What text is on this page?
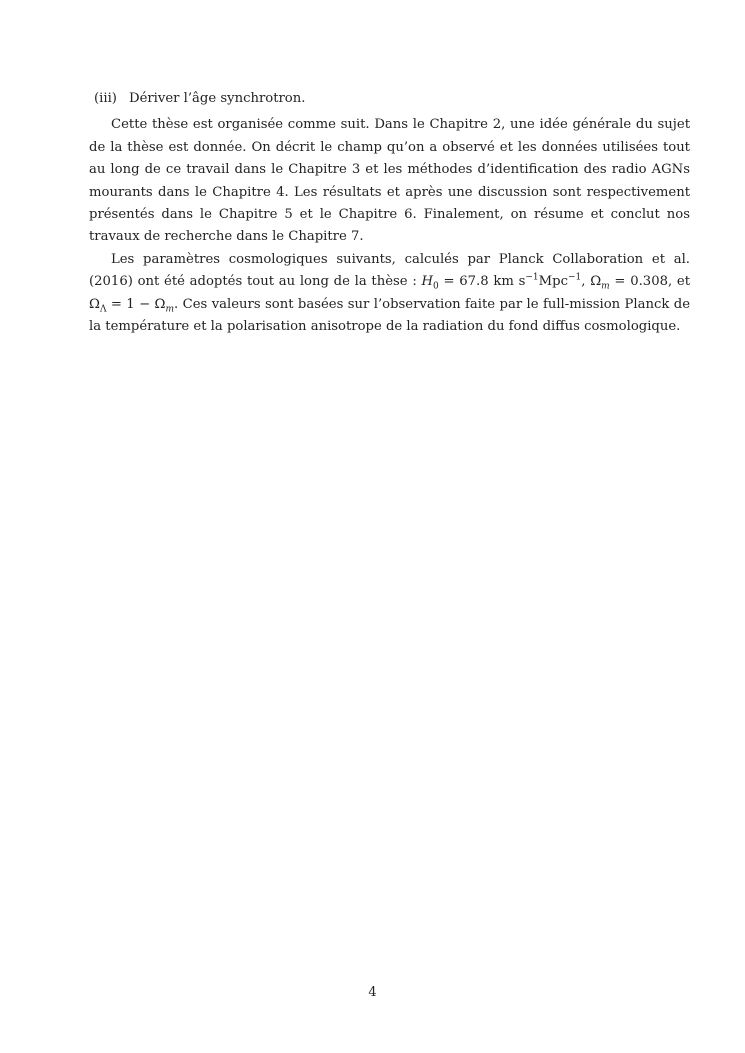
(iii) Dériver l’âge synchrotron.

Cette thèse est organisée comme suit. Dans le Chapitre 2, une idée générale du sujet de la thèse est donnée. On décrit le champ qu’on a observé et les données utilisées tout au long de ce travail dans le Chapitre 3 et les méthodes d’identification des radio AGNs mourants dans le Chapitre 4. Les résultats et après une discussion sont respectivement présentés dans le Chapitre 5 et le Chapitre 6. Finalement, on résume et conclut nos travaux de recherche dans le Chapitre 7.

Les paramètres cosmologiques suivants, calculés par Planck Collaboration et al. (2016) ont été adoptés tout au long de la thèse : $H_0 = 67.8$ km $s^{-1}Mpc^{-1}$, $\Omega_m = 0.308$, et $\Omega_\Lambda = 1 - \Omega_m$. Ces valeurs sont basées sur l’observation faite par le full-mission Planck de la température et la polarisation anisotrope de la radiation du fond diffus cosmologique.

4
